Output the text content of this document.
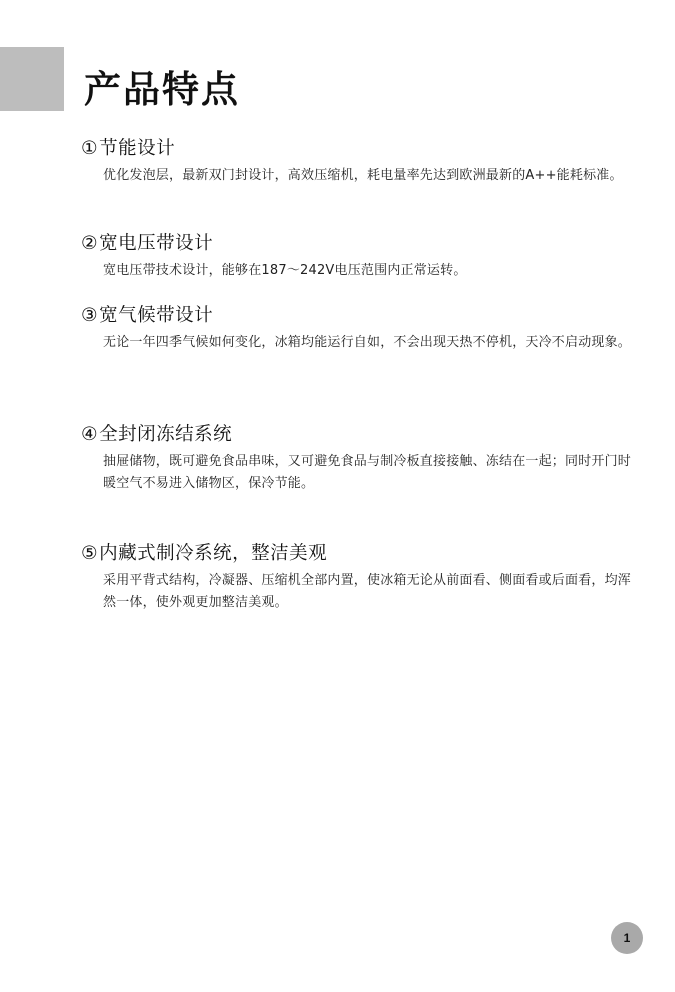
产品特点
①节能设计
优化发泡层，最新双门封设计，高效压缩机，耗电量率先达到欧洲最新的A++能耗标准。
②宽电压带设计
宽电压带技术设计，能够在187～242V电压范围内正常运转。
③宽气候带设计
无论一年四季气候如何变化，冰箱均能运行自如，不会出现天热不停机，天冷不启动现象。
④全封闭冻结系统
抽屉储物，既可避免食品串味，又可避免食品与制冷板直接接触、冻结在一起；同时开门时暖空气不易进入储物区，保冷节能。
⑤内藏式制冷系统，整洁美观
采用平背式结构，冷凝器、压缩机全部内置，使冰箱无论从前面看、侧面看或后面看，均浑然一体，使外观更加整洁美观。
1
